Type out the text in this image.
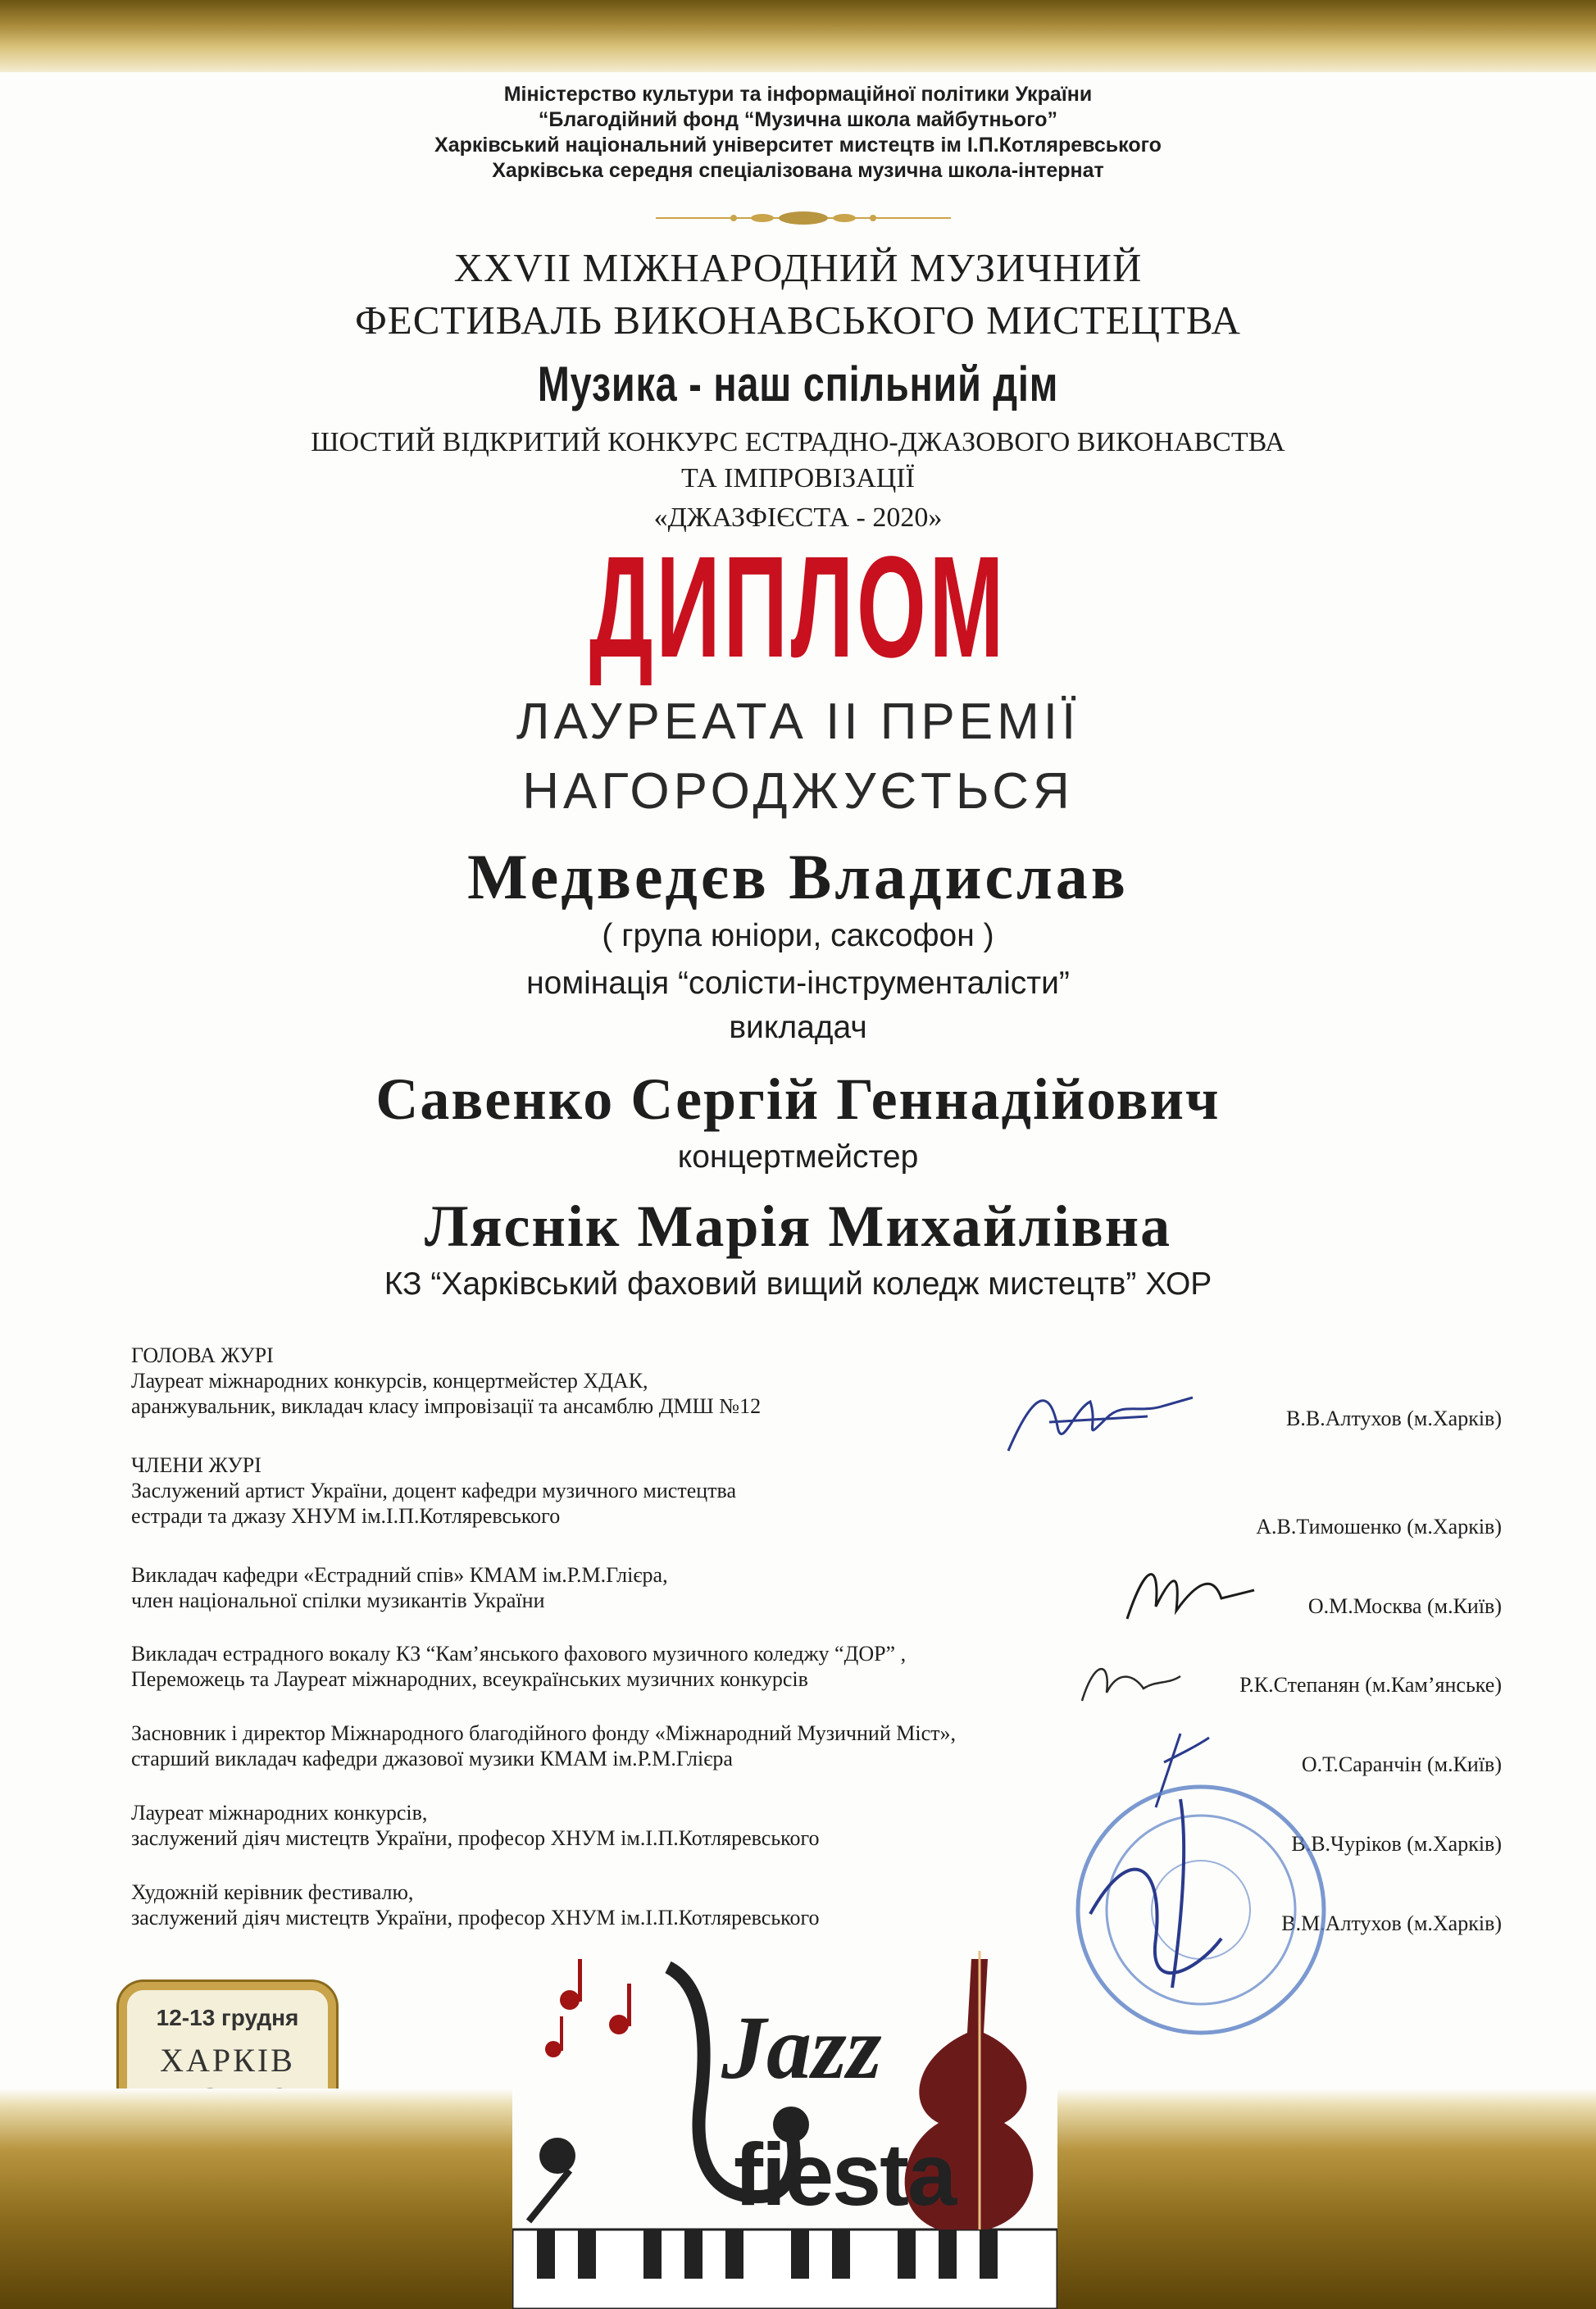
Міністерство культури та інформаційної політики України
“Благодійний фонд “Музична школа майбутнього”
Харківський національний університет мистецтв ім І.П.Котляревського
Харківська середня спеціалізована музична школа-інтернат
XXVII МІЖНАРОДНИЙ МУЗИЧНИЙ
ФЕСТИВАЛЬ ВИКОНАВСЬКОГО МИСТЕЦТВА
Музика - наш спільний дім
ШОСТИЙ ВІДКРИТИЙ КОНКУРС ЕСТРАДНО-ДЖАЗОВОГО ВИКОНАВСТВА
ТА ІМПРОВІЗАЦІЇ
«ДЖАЗФІЄСТА - 2020»
ДИПЛОМ
ЛАУРЕАТА ІІ ПРЕМІЇ
НАГОРОДЖУЄТЬСЯ
Медведєв Владислав
( група юніори, саксофон )
номінація “солісти-інструменталісти”
викладач
Савенко Сергій Геннадійович
концертмейстер
Ляснік Марія Михайлівна
КЗ “Харківський фаховий вищий коледж мистецтв” ХОР
ГОЛОВА ЖУРІ
Лауреат міжнародних конкурсів, концертмейстер ХДАК,
аранжувальник, викладач класу імпровізації та ансамблю ДМШ №12
В.В.Алтухов (м.Харків)
ЧЛЕНИ ЖУРІ
Заслужений артист України, доцент кафедри музичного мистецтва
естради та джазу ХНУМ ім.І.П.Котляревського	А.В.Тимошенко (м.Харків)
Викладач кафедри «Естрадний спів» КМАМ ім.Р.М.Глієра,
член національної спілки музикантів України	О.М.Москва (м.Київ)
Викладач естрадного вокалу КЗ “Кам’янського фахового музичного коледжу “ДОР” ,
Переможець та Лауреат міжнародних, всеукраїнських музичних конкурсів	Р.К.Степанян (м.Кам’янське)
Засновник і директор Міжнародного благодійного фонду «Міжнародний Музичний Міст»,
старший викладач кафедри джазової музики КМАМ ім.Р.М.Глієра	О.Т.Саранчін (м.Київ)
Лауреат міжнародних конкурсів,
заслужений діяч мистецтв України, професор ХНУМ ім.І.П.Котляревського	В.В.Чуріков (м.Харків)
Художній керівник фестивалю,
заслужений діяч мистецтв України, професор ХНУМ ім.І.П.Котляревського	В.М.Алтухов (м.Харків)
12-13 грудня
ХАРКІВ	Jazz
fiesta
